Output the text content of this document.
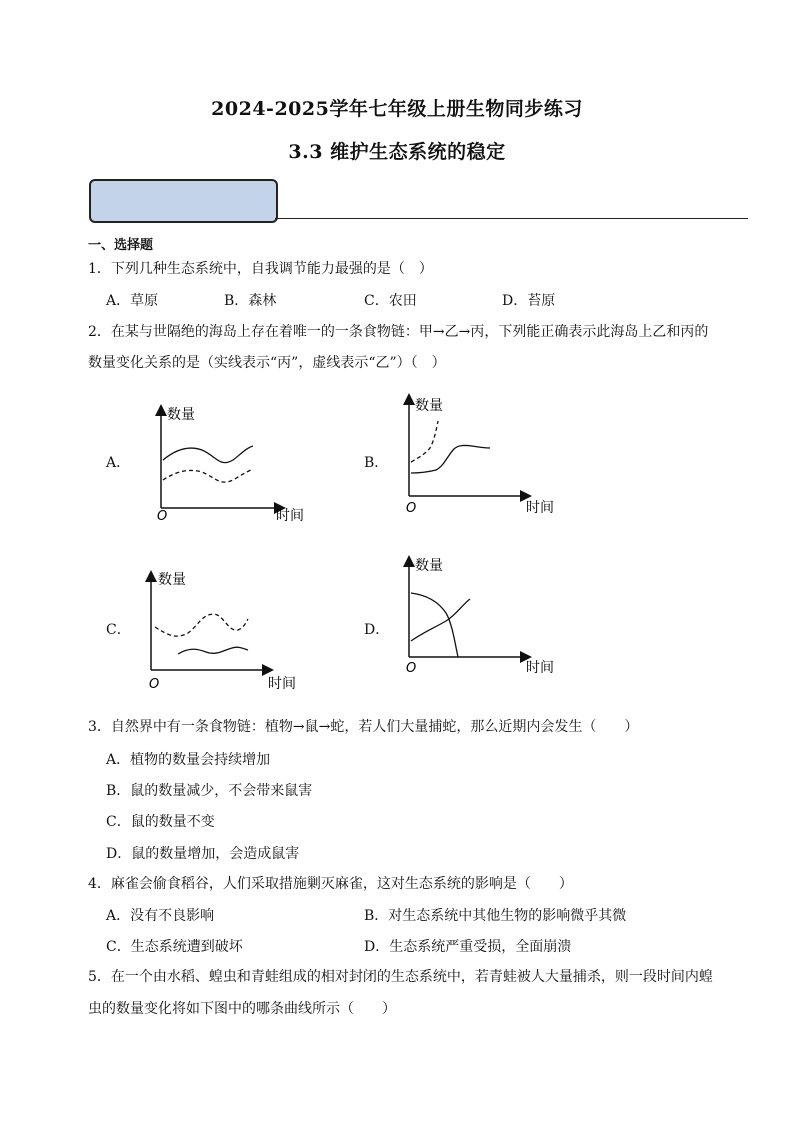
2024-2025学年七年级上册生物同步练习
3.3 维护生态系统的稳定
一、选择题
1．下列几种生态系统中，自我调节能力最强的是（　）
A．草原	B．森林	C．农田	D．苔原
2．在某与世隔绝的海岛上存在着唯一的一条食物链：甲→乙→丙，下列能正确表示此海岛上乙和丙的
数量变化关系的是（实线表示“丙”，虚线表示“乙”）（　）
A．	B．
C．	D．
数量
时间
O
数量
时间
O
数量
时间
O
数量
时间
O
3．自然界中有一条食物链：植物→鼠→蛇，若人们大量捕蛇，那么近期内会发生（　　）
A．植物的数量会持续增加
B．鼠的数量减少，不会带来鼠害
C．鼠的数量不变
D．鼠的数量增加，会造成鼠害
4．麻雀会偷食稻谷，人们采取措施剿灭麻雀，这对生态系统的影响是（　　）
A．没有不良影响	B．对生态系统中其他生物的影响微乎其微
C．生态系统遭到破坏	D．生态系统严重受损，全面崩溃
5．在一个由水稻、蝗虫和青蛙组成的相对封闭的生态系统中，若青蛙被人大量捕杀，则一段时间内蝗
虫的数量变化将如下图中的哪条曲线所示（　　）
